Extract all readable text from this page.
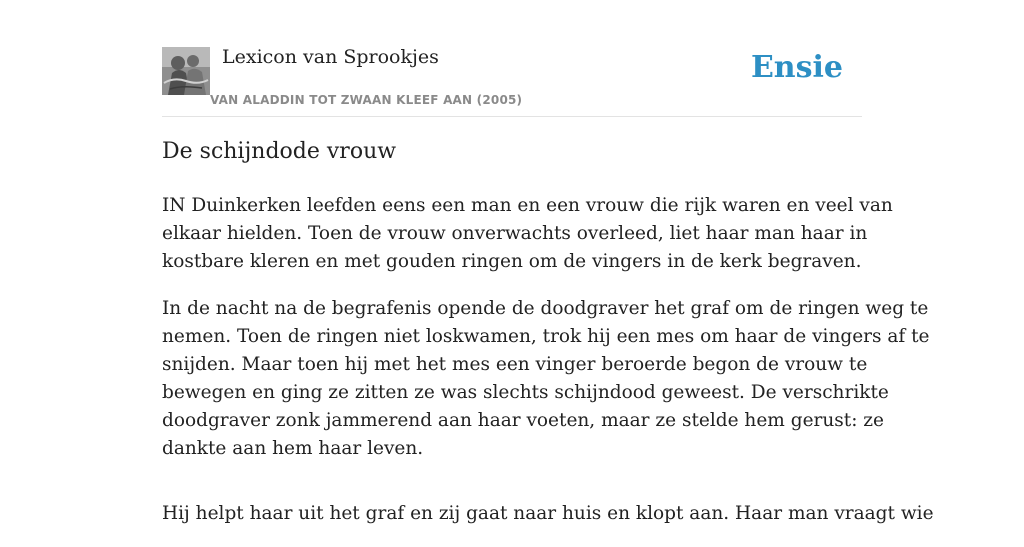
Lexicon van Sprookjes
VAN ALADDIN TOT ZWAAN KLEEF AAN (2005)
Ensie
De schijndode vrouw

IN Duinkerken leefden eens een man en een vrouw die rijk waren en veel van
elkaar hielden. Toen de vrouw onverwachts overleed, liet haar man haar in
kostbare kleren en met gouden ringen om de vingers in de kerk begraven.

In de nacht na de begrafenis opende de doodgraver het graf om de ringen weg te
nemen. Toen de ringen niet loskwamen, trok hij een mes om haar de vingers af te
snijden. Maar toen hij met het mes een vinger beroerde begon de vrouw te
bewegen en ging ze zitten ze was slechts schijndood geweest. De verschrikte
doodgraver zonk jammerend aan haar voeten, maar ze stelde hem gerust: ze
dankte aan hem haar leven.

Hij helpt haar uit het graf en zij gaat naar huis en klopt aan. Haar man vraagt wie
